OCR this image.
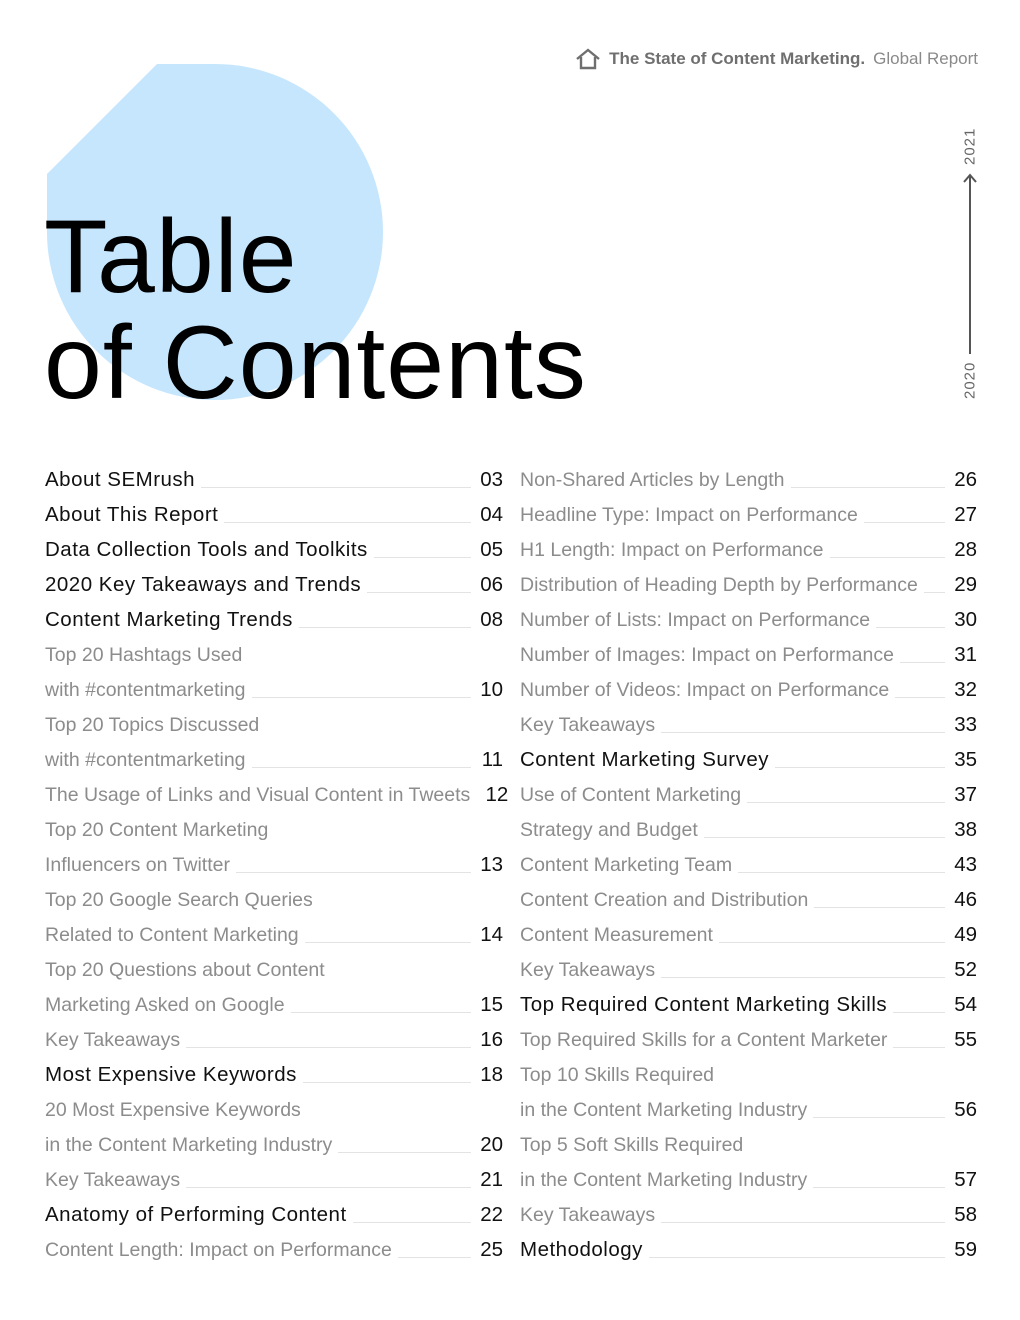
The State of Content Marketing. Global Report
Table
of Contents
2021
2020
About SEMrush	03
About This Report	04
Data Collection Tools and Toolkits	05
2020 Key Takeaways and Trends	06
Content Marketing Trends	08
Top 20 Hashtags Used
with #contentmarketing	10
Top 20 Topics Discussed
with #contentmarketing	11
The Usage of Links and Visual Content in Tweets 12
Top 20 Content Marketing
Influencers on Twitter	13
Top 20 Google Search Queries
Related to Content Marketing	14
Top 20 Questions about Content
Marketing Asked on Google	15
Key Takeaways	16
Most Expensive Keywords	18
20 Most Expensive Keywords
in the Content Marketing Industry	20
Key Takeaways	21
Anatomy of Performing Content	22
Content Length: Impact on Performance	25
Non-Shared Articles by Length	26
Headline Type: Impact on Performance	27
H1 Length: Impact on Performance	28
Distribution of Heading Depth by Performance 29
Number of Lists: Impact on Performance	30
Number of Images: Impact on Performance	31
Number of Videos: Impact on Performance	32
Key Takeaways	33
Content Marketing Survey	35
Use of Content Marketing	37
Strategy and Budget	38
Content Marketing Team	43
Content Creation and Distribution	46
Content Measurement	49
Key Takeaways	52
Top Required Content Marketing Skills	54
Top Required Skills for a Content Marketer	55
Top 10 Skills Required
in the Content Marketing Industry	56
Top 5 Soft Skills Required
in the Content Marketing Industry	57
Key Takeaways	58
Methodology	59
